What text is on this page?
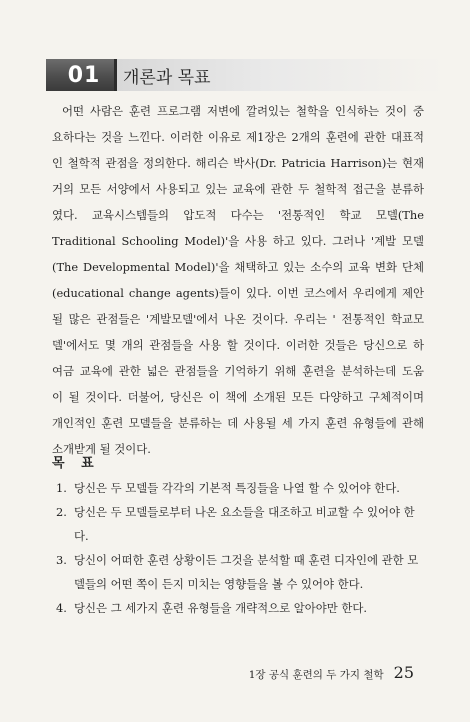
01	개론과 목표
어떤 사람은 훈련 프로그램 저변에 깔려있는 철학을 인식하는 것이 중
요하다는 것을 느낀다. 이러한 이유로 제1장은 2개의 훈련에 관한 대표적
인 철학적 관점을 정의한다. 해리슨 박사(Dr. Patricia Harrison)는 현재
거의 모든 서양에서 사용되고 있는 교육에 관한 두 철학적 접근을 분류하
였다. 교육시스템들의 압도적 다수는 '전통적인 학교 모델(The
Traditional Schooling Model)'을 사용 하고 있다. 그러나 '계발 모델
(The Developmental Model)'을 채택하고 있는 소수의 교육 변화 단체
(educational change agents)들이 있다. 이번 코스에서 우리에게 제안
될 많은 관점들은 '계발모델'에서 나온 것이다. 우리는 ' 전통적인 학교모
델'에서도 몇 개의 관점들을 사용 할 것이다. 이러한 것들은 당신으로 하
여금 교육에 관한 넓은 관점들을 기억하기 위해 훈련을 분석하는데 도움
이 될 것이다. 더불어, 당신은 이 책에 소개된 모든 다양하고 구체적이며
개인적인 훈련 모델들을 분류하는 데 사용될 세 가지 훈련 유형들에 관해
소개받게 될 것이다.
목 표
1. 당신은 두 모델들 각각의 기본적 특징들을 나열 할 수 있어야 한다.
2. 당신은 두 모델들로부터 나온 요소들을 대조하고 비교할 수 있어야 한다.
3. 당신이 어떠한 훈련 상황이든 그것을 분석할 때 훈련 디자인에 관한 모델들의 어떤 쪽이 든지 미치는 영향들을 볼 수 있어야 한다.
4. 당신은 그 세가지 훈련 유형들을 개략적으로 알아야만 한다.
1장 공식 훈련의 두 가지 철학 25
